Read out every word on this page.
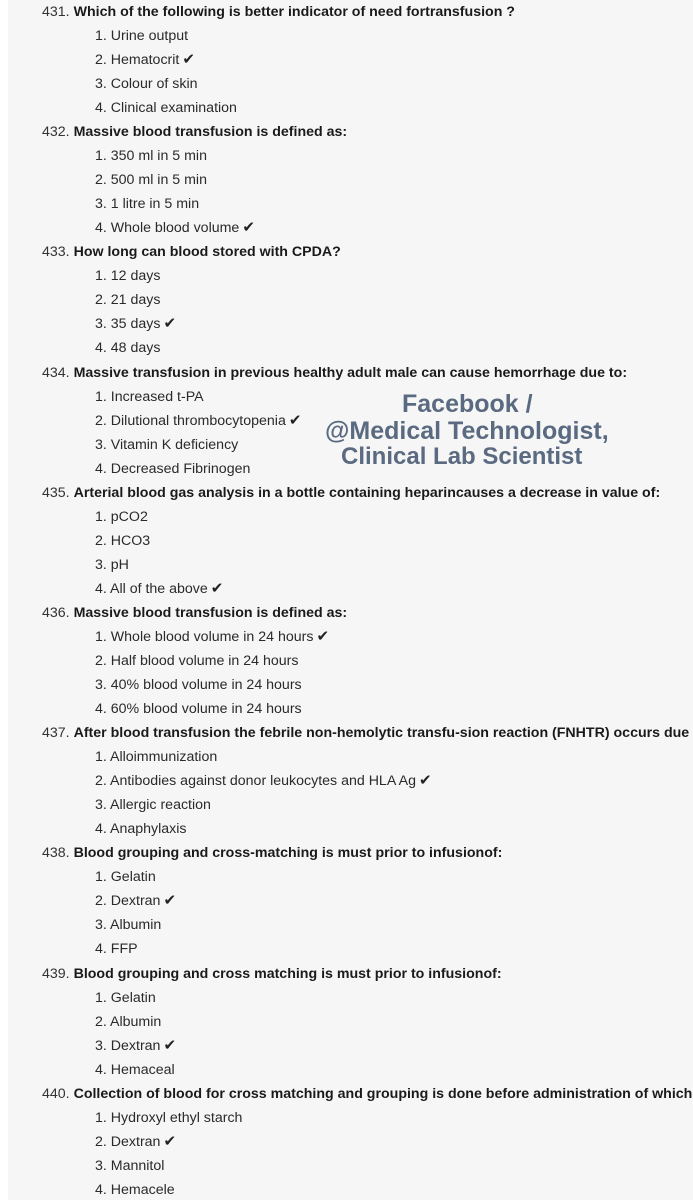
431. Which of the following is better indicator of need fortransfusion ?
1. Urine output
2. Hematocrit ✔
3. Colour of skin
4. Clinical examination
432. Massive blood transfusion is defined as:
1. 350 ml in 5 min
2. 500 ml in 5 min
3. 1 litre in 5 min
4. Whole blood volume ✔
433. How long can blood stored with CPDA?
1. 12 days
2. 21 days
3. 35 days ✔
4. 48 days
434. Massive transfusion in previous healthy adult male can cause hemorrhage due to:
1. Increased t-PA
2. Dilutional thrombocytopenia ✔
3. Vitamin K deficiency
4. Decreased Fibrinogen
435. Arterial blood gas analysis in a bottle containing heparincauses a decrease in value of:
1. pCO2
2. HCO3
3. pH
4. All of the above ✔
436. Massive blood transfusion is defined as:
1. Whole blood volume in 24 hours ✔
2. Half blood volume in 24 hours
3. 40% blood volume in 24 hours
4. 60% blood volume in 24 hours
437. After blood transfusion the febrile non-hemolytic transfu-sion reaction (FNHTR) occurs due
1. Alloimmunization
2. Antibodies against donor leukocytes and HLA Ag ✔
3. Allergic reaction
4. Anaphylaxis
438. Blood grouping and cross-matching is must prior to infusionof:
1. Gelatin
2. Dextran ✔
3. Albumin
4. FFP
439. Blood grouping and cross matching is must prior to infusionof:
1. Gelatin
2. Albumin
3. Dextran ✔
4. Hemaceal
440. Collection of blood for cross matching and grouping is done before administration of which
1. Hydroxyl ethyl starch
2. Dextran ✔
3. Mannitol
4. Hemacele
Facebook /
@Medical Technologist,
Clinical Lab Scientist
